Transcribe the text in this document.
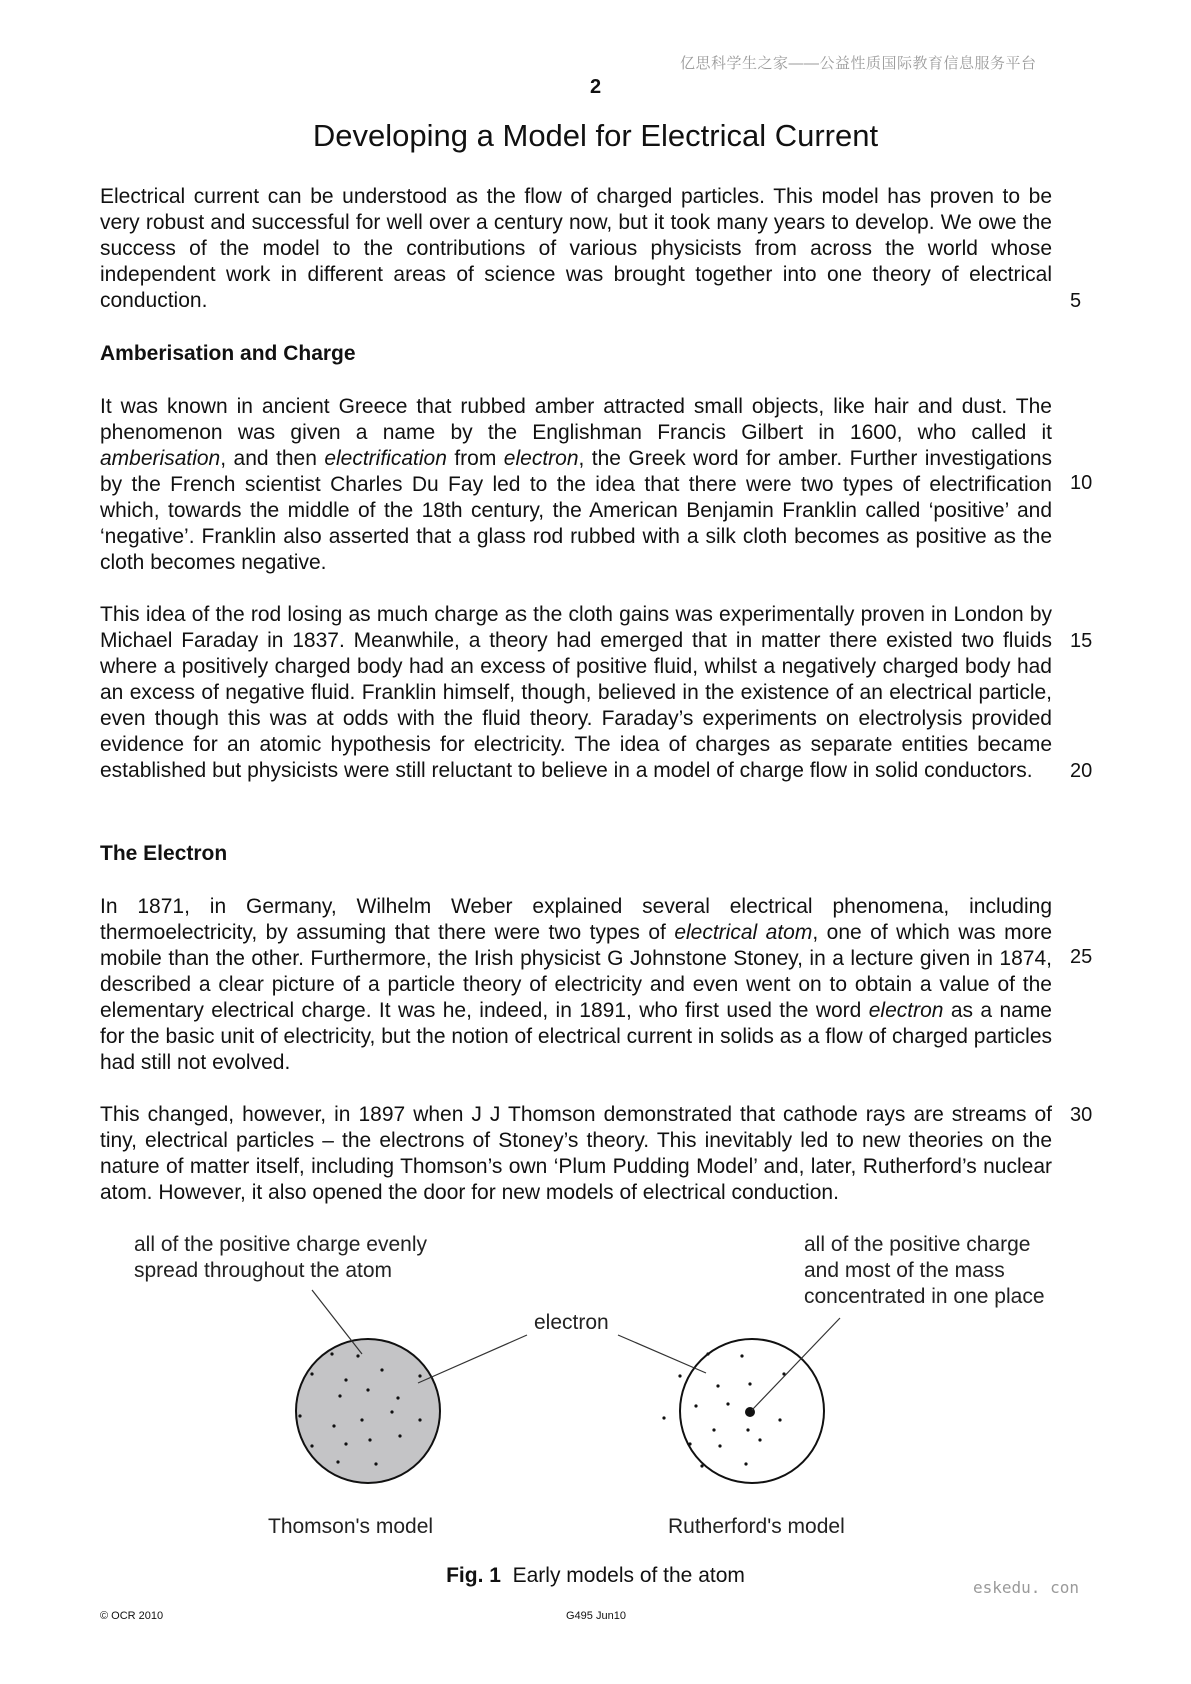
亿思科学生之家——公益性质国际教育信息服务平台
2
Developing a Model for Electrical Current

Electrical current can be understood as the flow of charged particles. This model has proven to be very robust and successful for well over a century now, but it took many years to develop. We owe the success of the model to the contributions of various physicists from across the world whose independent work in different areas of science was brought together into one theory of electrical conduction.	5
Amberisation and Charge

It was known in ancient Greece that rubbed amber attracted small objects, like hair and dust. The phenomenon was given a name by the Englishman Francis Gilbert in 1600, who called it amberisation, and then electrification from electron, the Greek word for amber. Further investigations by the French scientist Charles Du Fay led to the idea that there were two types of electrification which, towards the middle of the 18th century, the American Benjamin Franklin called ‘positive’ and ‘negative’. Franklin also asserted that a glass rod rubbed with a silk cloth becomes as positive as the cloth becomes negative.

10

This idea of the rod losing as much charge as the cloth gains was experimentally proven in London by Michael Faraday in 1837. Meanwhile, a theory had emerged that in matter there existed two fluids where a positively charged body had an excess of positive fluid, whilst a negatively charged body had an excess of negative fluid. Franklin himself, though, believed in the existence of an electrical particle, even though this was at odds with the fluid theory. Faraday’s experiments on electrolysis provided evidence for an atomic hypothesis for electricity. The idea of charges as separate entities became established but physicists were still reluctant to believe in a model of charge flow in solid conductors.

15
20
The Electron

In 1871, in Germany, Wilhelm Weber explained several electrical phenomena, including thermoelectricity, by assuming that there were two types of electrical atom, one of which was more mobile than the other. Furthermore, the Irish physicist G Johnstone Stoney, in a lecture given in 1874, described a clear picture of a particle theory of electricity and even went on to obtain a value of the elementary electrical charge. It was he, indeed, in 1891, who first used the word electron as a name for the basic unit of electricity, but the notion of electrical current in solids as a flow of charged particles had still not evolved.

25

This changed, however, in 1897 when J J Thomson demonstrated that cathode rays are streams of tiny, electrical particles – the electrons of Stoney’s theory. This inevitably led to new theories on the nature of matter itself, including Thomson’s own ‘Plum Pudding Model’ and, later, Rutherford’s nuclear atom. However, it also opened the door for new models of electrical conduction.

30
all of the positive charge evenly
spread throughout the atom
electron
all of the positive charge
and most of the mass
concentrated in one place
Thomson's model	Rutherford's model
Fig. 1 Early models of the atom
eskedu. con
© OCR 2010	G495 Jun10
